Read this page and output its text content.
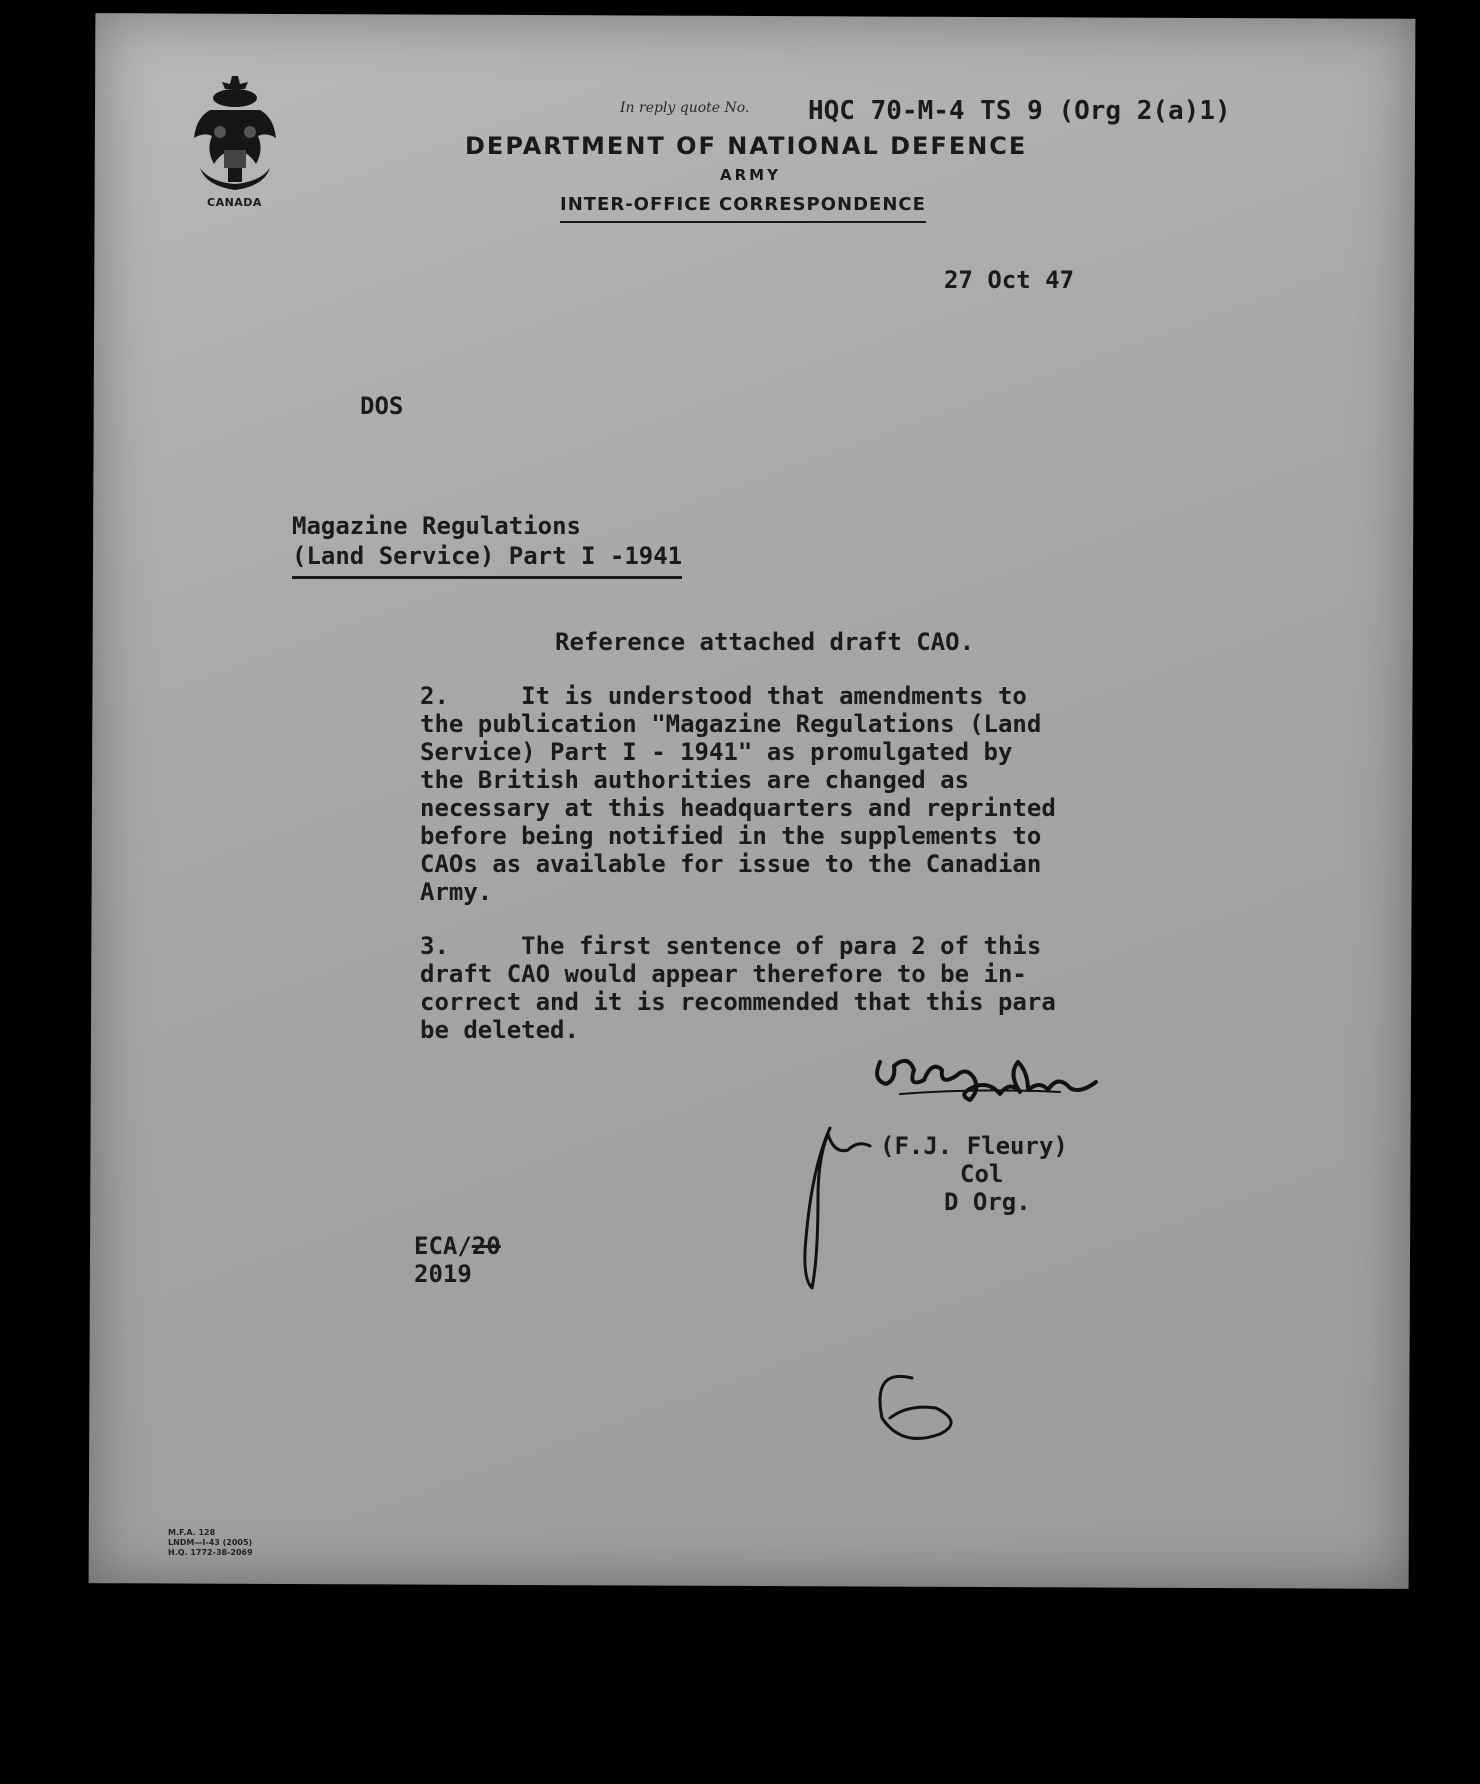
CANADA
In reply quote No. HQC 70-M-4 TS 9 (Org 2(a)1)
DEPARTMENT OF NATIONAL DEFENCE
ARMY
INTER-OFFICE CORRESPONDENCE
27 Oct 47
DOS
Magazine Regulations
(Land Service) Part I -1941
Reference attached draft CAO.

2.     It is understood that amendments to
the publication "Magazine Regulations (Land
Service) Part I - 1941" as promulgated by
the British authorities are changed as
necessary at this headquarters and reprinted
before being notified in the supplements to
CAOs as available for issue to the Canadian
Army.

3.     The first sentence of para 2 of this
draft CAO would appear therefore to be in-
correct and it is recommended that this para
be deleted.

(F.J. Fleury)
Col
D Org.
ECA/20
2019
M.F.A. 128
LNDM—I-43 (2005)
H.Q. 1772-38-2069
